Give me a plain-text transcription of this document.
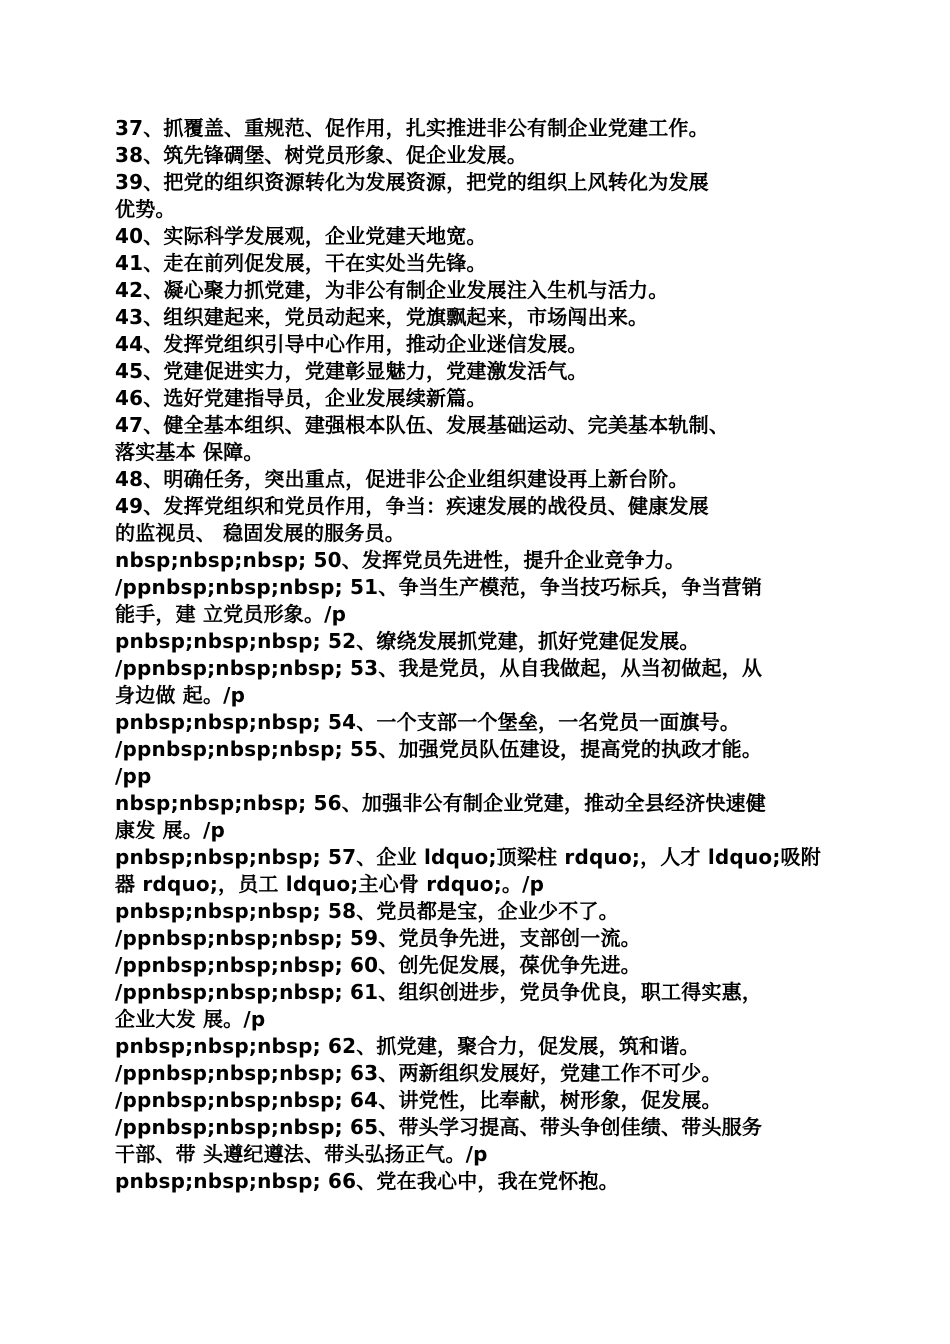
37、抓覆盖、重规范、促作用，扎实推进非公有制企业党建工作。
38、筑先锋碉堡、树党员形象、促企业发展。
39、把党的组织资源转化为发展资源，把党的组织上风转化为发展
优势。
40、实际科学发展观，企业党建天地宽。
41、走在前列促发展，干在实处当先锋。
42、凝心聚力抓党建，为非公有制企业发展注入生机与活力。
43、组织建起来，党员动起来，党旗飘起来，市场闯出来。
44、发挥党组织引导中心作用，推动企业迷信发展。
45、党建促进实力，党建彰显魅力，党建激发活气。
46、选好党建指导员，企业发展续新篇。
47、健全基本组织、建强根本队伍、发展基础运动、完美基本轨制、
落实基本 保障。
48、明确任务，突出重点，促进非公企业组织建设再上新台阶。
49、发挥党组织和党员作用，争当：疾速发展的战役员、健康发展
的监视员、 稳固发展的服务员。
nbsp;nbsp;nbsp; 50、发挥党员先进性，提升企业竞争力。
/ppnbsp;nbsp;nbsp; 51、争当生产模范，争当技巧标兵，争当营销
能手，建 立党员形象。/p
pnbsp;nbsp;nbsp; 52、缭绕发展抓党建，抓好党建促发展。
/ppnbsp;nbsp;nbsp; 53、我是党员，从自我做起，从当初做起，从
身边做 起。/p
pnbsp;nbsp;nbsp; 54、一个支部一个堡垒，一名党员一面旗号。
/ppnbsp;nbsp;nbsp; 55、加强党员队伍建设，提高党的执政才能。
/pp
nbsp;nbsp;nbsp; 56、加强非公有制企业党建，推动全县经济快速健
康发 展。/p
pnbsp;nbsp;nbsp; 57、企业 ldquo;顶梁柱 rdquo;，人才 ldquo;吸附
器 rdquo;，员工 ldquo;主心骨 rdquo;。/p
pnbsp;nbsp;nbsp; 58、党员都是宝，企业少不了。
/ppnbsp;nbsp;nbsp; 59、党员争先进，支部创一流。
/ppnbsp;nbsp;nbsp; 60、创先促发展，葆优争先进。
/ppnbsp;nbsp;nbsp; 61、组织创进步，党员争优良，职工得实惠，
企业大发 展。/p
pnbsp;nbsp;nbsp; 62、抓党建，聚合力，促发展，筑和谐。
/ppnbsp;nbsp;nbsp; 63、两新组织发展好，党建工作不可少。
/ppnbsp;nbsp;nbsp; 64、讲党性，比奉献，树形象，促发展。
/ppnbsp;nbsp;nbsp; 65、带头学习提高、带头争创佳绩、带头服务
干部、带 头遵纪遵法、带头弘扬正气。/p
pnbsp;nbsp;nbsp; 66、党在我心中，我在党怀抱。
